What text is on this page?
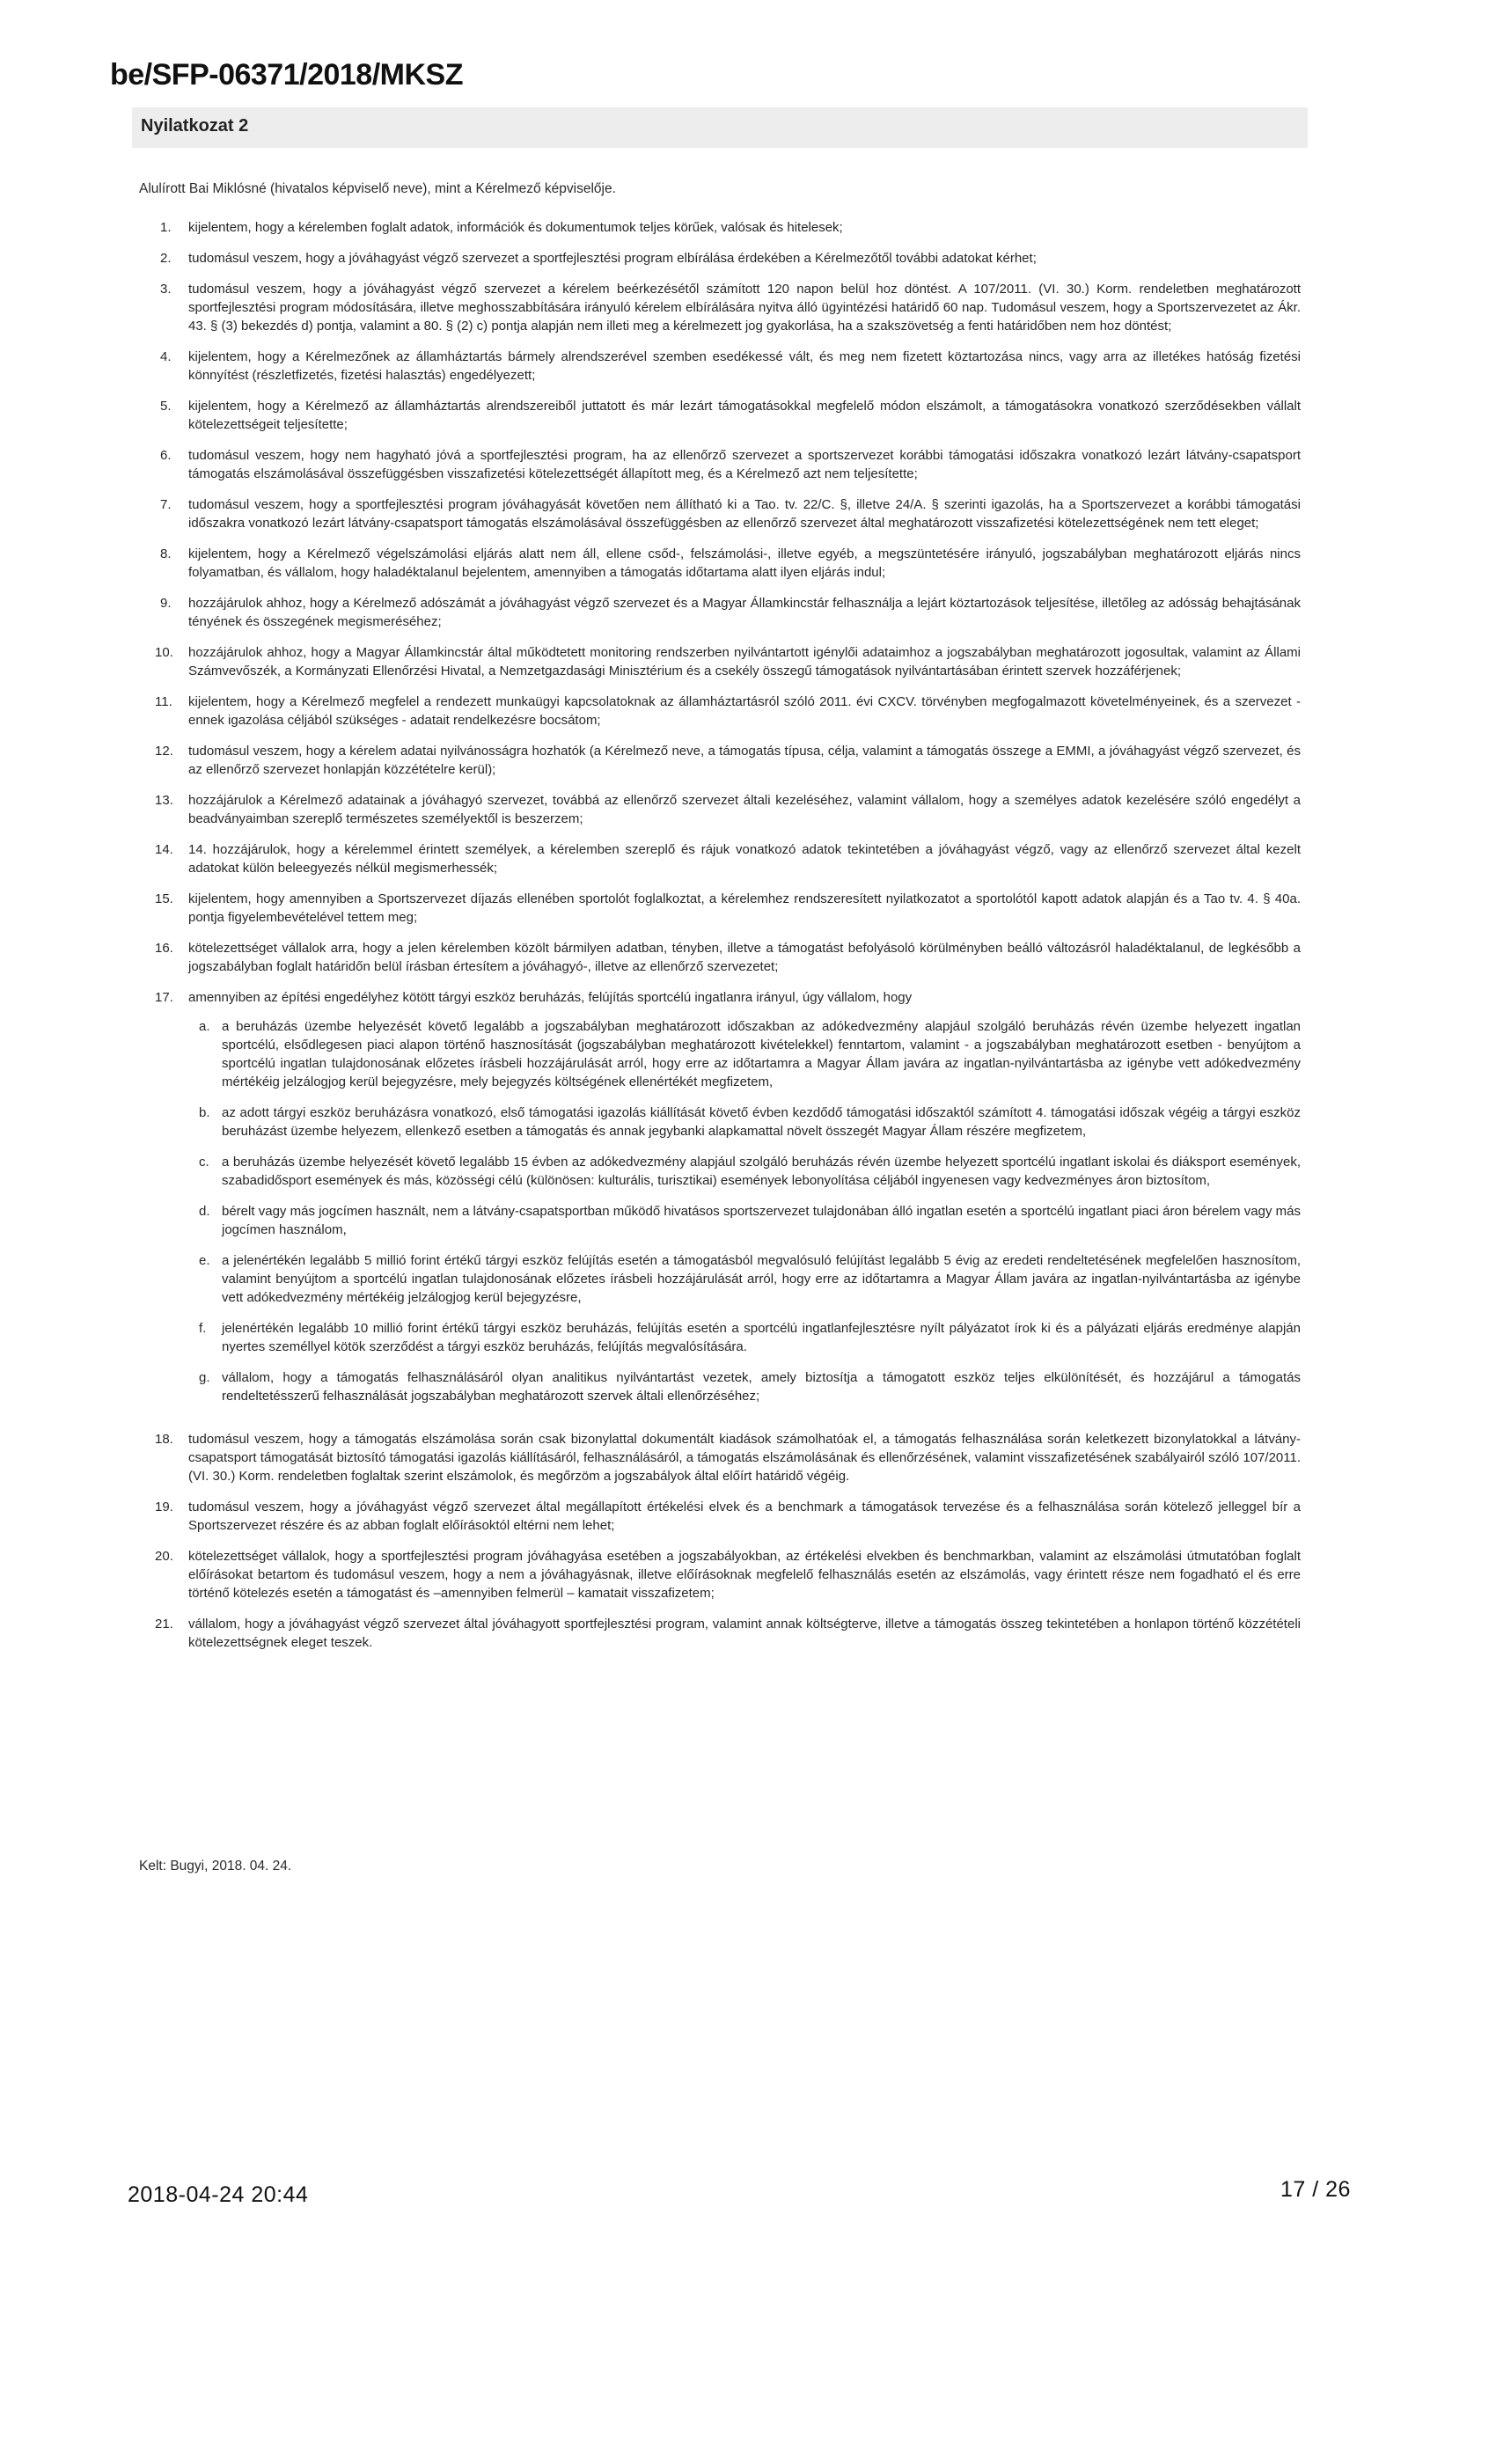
be/SFP-06371/2018/MKSZ
Nyilatkozat 2
Alulírott Bai Miklósné (hivatalos képviselő neve), mint a Kérelmező képviselője.
1.	kijelentem, hogy a kérelemben foglalt adatok, információk és dokumentumok teljes körűek, valósak és hitelesek;
2.	tudomásul veszem, hogy a jóváhagyást végző szervezet a sportfejlesztési program elbírálása érdekében a Kérelmezőtől további adatokat kérhet;
3.	tudomásul veszem, hogy a jóváhagyást végző szervezet a kérelem beérkezésétől számított 120 napon belül hoz döntést. A 107/2011. (VI. 30.) Korm. rendeletben meghatározott sportfejlesztési program módosítására, illetve meghosszabbítására irányuló kérelem elbírálására nyitva álló ügyintézési határidő 60 nap. Tudomásul veszem, hogy a Sportszervezetet az Ákr. 43. § (3) bekezdés d) pontja, valamint a 80. § (2) c) pontja alapján nem illeti meg a kérelmezett jog gyakorlása, ha a szakszövetség a fenti határidőben nem hoz döntést;
4.	kijelentem, hogy a Kérelmezőnek az államháztartás bármely alrendszerével szemben esedékessé vált, és meg nem fizetett köztartozása nincs, vagy arra az illetékes hatóság fizetési könnyítést (részletfizetés, fizetési halasztás) engedélyezett;
5.	kijelentem, hogy a Kérelmező az államháztartás alrendszereiből juttatott és már lezárt támogatásokkal megfelelő módon elszámolt, a támogatásokra vonatkozó szerződésekben vállalt kötelezettségeit teljesítette;
6.	tudomásul veszem, hogy nem hagyható jóvá a sportfejlesztési program, ha az ellenőrző szervezet a sportszervezet korábbi támogatási időszakra vonatkozó lezárt látvány-csapatsport támogatás elszámolásával összefüggésben visszafizetési kötelezettségét állapított meg, és a Kérelmező azt nem teljesítette;
7.	tudomásul veszem, hogy a sportfejlesztési program jóváhagyását követően nem állítható ki a Tao. tv. 22/C. §, illetve 24/A. § szerinti igazolás, ha a Sportszervezet a korábbi támogatási időszakra vonatkozó lezárt látvány-csapatsport támogatás elszámolásával összefüggésben az ellenőrző szervezet által meghatározott visszafizetési kötelezettségének nem tett eleget;
8.	kijelentem, hogy a Kérelmező végelszámolási eljárás alatt nem áll, ellene csőd-, felszámolási-, illetve egyéb, a megszüntetésére irányuló, jogszabályban meghatározott eljárás nincs folyamatban, és vállalom, hogy haladéktalanul bejelentem, amennyiben a támogatás időtartama alatt ilyen eljárás indul;
9.	hozzájárulok ahhoz, hogy a Kérelmező adószámát a jóváhagyást végző szervezet és a Magyar Államkincstár felhasználja a lejárt köztartozások teljesítése, illetőleg az adósság behajtásának tényének és összegének megismeréséhez;
10.	hozzájárulok ahhoz, hogy a Magyar Államkincstár által működtetett monitoring rendszerben nyilvántartott igénylői adataimhoz a jogszabályban meghatározott jogosultak, valamint az Állami Számvevőszék, a Kormányzati Ellenőrzési Hivatal, a Nemzetgazdasági Minisztérium és a csekély összegű támogatások nyilvántartásában érintett szervek hozzáférjenek;
11.	kijelentem, hogy a Kérelmező megfelel a rendezett munkaügyi kapcsolatoknak az államháztartásról szóló 2011. évi CXCV. törvényben megfogalmazott követelményeinek, és a szervezet - ennek igazolása céljából szükséges - adatait rendelkezésre bocsátom;
12.	tudomásul veszem, hogy a kérelem adatai nyilvánosságra hozhatók (a Kérelmező neve, a támogatás típusa, célja, valamint a támogatás összege a EMMI, a jóváhagyást végző szervezet, és az ellenőrző szervezet honlapján közzétételre kerül);
13.	hozzájárulok a Kérelmező adatainak a jóváhagyó szervezet, továbbá az ellenőrző szervezet általi kezeléséhez, valamint vállalom, hogy a személyes adatok kezelésére szóló engedélyt a beadványaimban szereplő természetes személyektől is beszerzem;
14.	14. hozzájárulok, hogy a kérelemmel érintett személyek, a kérelemben szereplő és rájuk vonatkozó adatok tekintetében a jóváhagyást végző, vagy az ellenőrző szervezet által kezelt adatokat külön beleegyezés nélkül megismerhessék;
15.	kijelentem, hogy amennyiben a Sportszervezet díjazás ellenében sportolót foglalkoztat, a kérelemhez rendszeresített nyilatkozatot a sportolótól kapott adatok alapján és a Tao tv. 4. § 40a. pontja figyelembevételével tettem meg;
16.	kötelezettséget vállalok arra, hogy a jelen kérelemben közölt bármilyen adatban, tényben, illetve a támogatást befolyásoló körülményben beálló változásról haladéktalanul, de legkésőbb a jogszabályban foglalt határidőn belül írásban értesítem a jóváhagyó-, illetve az ellenőrző szervezetet;
17.	amennyiben az építési engedélyhez kötött tárgyi eszköz beruházás, felújítás sportcélú ingatlanra irányul, úgy vállalom, hogy
a. a beruházás üzembe helyezését követő legalább a jogszabályban meghatározott időszakban az adókedvezmény alapjául szolgáló beruházás révén üzembe helyezett ingatlan sportcélú, elsődlegesen piaci alapon történő hasznosítását (jogszabályban meghatározott kivételekkel) fenntartom, valamint - a jogszabályban meghatározott esetben - benyújtom a sportcélú ingatlan tulajdonosának előzetes írásbeli hozzájárulását arról, hogy erre az időtartamra a Magyar Állam javára az ingatlan-nyilvántartásba az igénybe vett adókedvezmény mértékéig jelzálogjog kerül bejegyzésre, mely bejegyzés költségének ellenértékét megfizetem,
b. az adott tárgyi eszköz beruházásra vonatkozó, első támogatási igazolás kiállítását követő évben kezdődő támogatási időszaktól számított 4. támogatási időszak végéig a tárgyi eszköz beruházást üzembe helyezem, ellenkező esetben a támogatás és annak jegybanki alapkamattal növelt összegét Magyar Állam részére megfizetem,
c. a beruházás üzembe helyezését követő legalább 15 évben az adókedvezmény alapjául szolgáló beruházás révén üzembe helyezett sportcélú ingatlant iskolai és diáksport események, szabadidősport események és más, közösségi célú (különösen: kulturális, turisztikai) események lebonyolítása céljából ingyenesen vagy kedvezményes áron biztosítom,
d. bérelt vagy más jogcímen használt, nem a látvány-csapatsportban működő hivatásos sportszervezet tulajdonában álló ingatlan esetén a sportcélú ingatlant piaci áron bérelem vagy más jogcímen használom,
e. a jelenértékén legalább 5 millió forint értékű tárgyi eszköz felújítás esetén a támogatásból megvalósuló felújítást legalább 5 évig az eredeti rendeltetésének megfelelően hasznosítom, valamint benyújtom a sportcélú ingatlan tulajdonosának előzetes írásbeli hozzájárulását arról, hogy erre az időtartamra a Magyar Állam javára az ingatlan-nyilvántartásba az igénybe vett adókedvezmény mértékéig jelzálogjog kerül bejegyzésre,
f.	jelenértékén legalább 10 millió forint értékű tárgyi eszköz beruházás, felújítás esetén a sportcélú ingatlanfejlesztésre nyílt pályázatot írok ki és a pályázati eljárás eredménye alapján nyertes személlyel kötök szerződést a tárgyi eszköz beruházás, felújítás megvalósítására.
g. vállalom, hogy a támogatás felhasználásáról olyan analitikus nyilvántartást vezetek, amely biztosítja a támogatott eszköz teljes elkülönítését, és hozzájárul a támogatás rendeltetésszerű felhasználását jogszabályban meghatározott szervek általi ellenőrzéséhez;
18.	tudomásul veszem, hogy a támogatás elszámolása során csak bizonylattal dokumentált kiadások számolhatóak el, a támogatás felhasználása során keletkezett bizonylatokkal a látvány-csapatsport támogatását biztosító támogatási igazolás kiállításáról, felhasználásáról, a támogatás elszámolásának és ellenőrzésének, valamint visszafizetésének szabályairól szóló 107/2011. (VI. 30.) Korm. rendeletben foglaltak szerint elszámolok, és megőrzöm a jogszabályok által előírt határidő végéig.
19.	tudomásul veszem, hogy a jóváhagyást végző szervezet által megállapított értékelési elvek és a benchmark a támogatások tervezése és a felhasználása során kötelező jelleggel bír a Sportszervezet részére és az abban foglalt előírásoktól eltérni nem lehet;
20.	kötelezettséget vállalok, hogy a sportfejlesztési program jóváhagyása esetében a jogszabályokban, az értékelési elvekben és benchmarkban, valamint az elszámolási útmutatóban foglalt előírásokat betartom és tudomásul veszem, hogy a nem a jóváhagyásnak, illetve előírásoknak megfelelő felhasználás esetén az elszámolás, vagy érintett része nem fogadható el és erre történő kötelezés esetén a támogatást és –amennyiben felmerül – kamatait visszafizetem;
21.	vállalom, hogy a jóváhagyást végző szervezet által jóváhagyott sportfejlesztési program, valamint annak költségterve, illetve a támogatás összeg tekintetében a honlapon történő közzétételi kötelezettségnek eleget teszek.
Kelt: Bugyi, 2018. 04. 24.
2018-04-24 20:44	17 / 26
